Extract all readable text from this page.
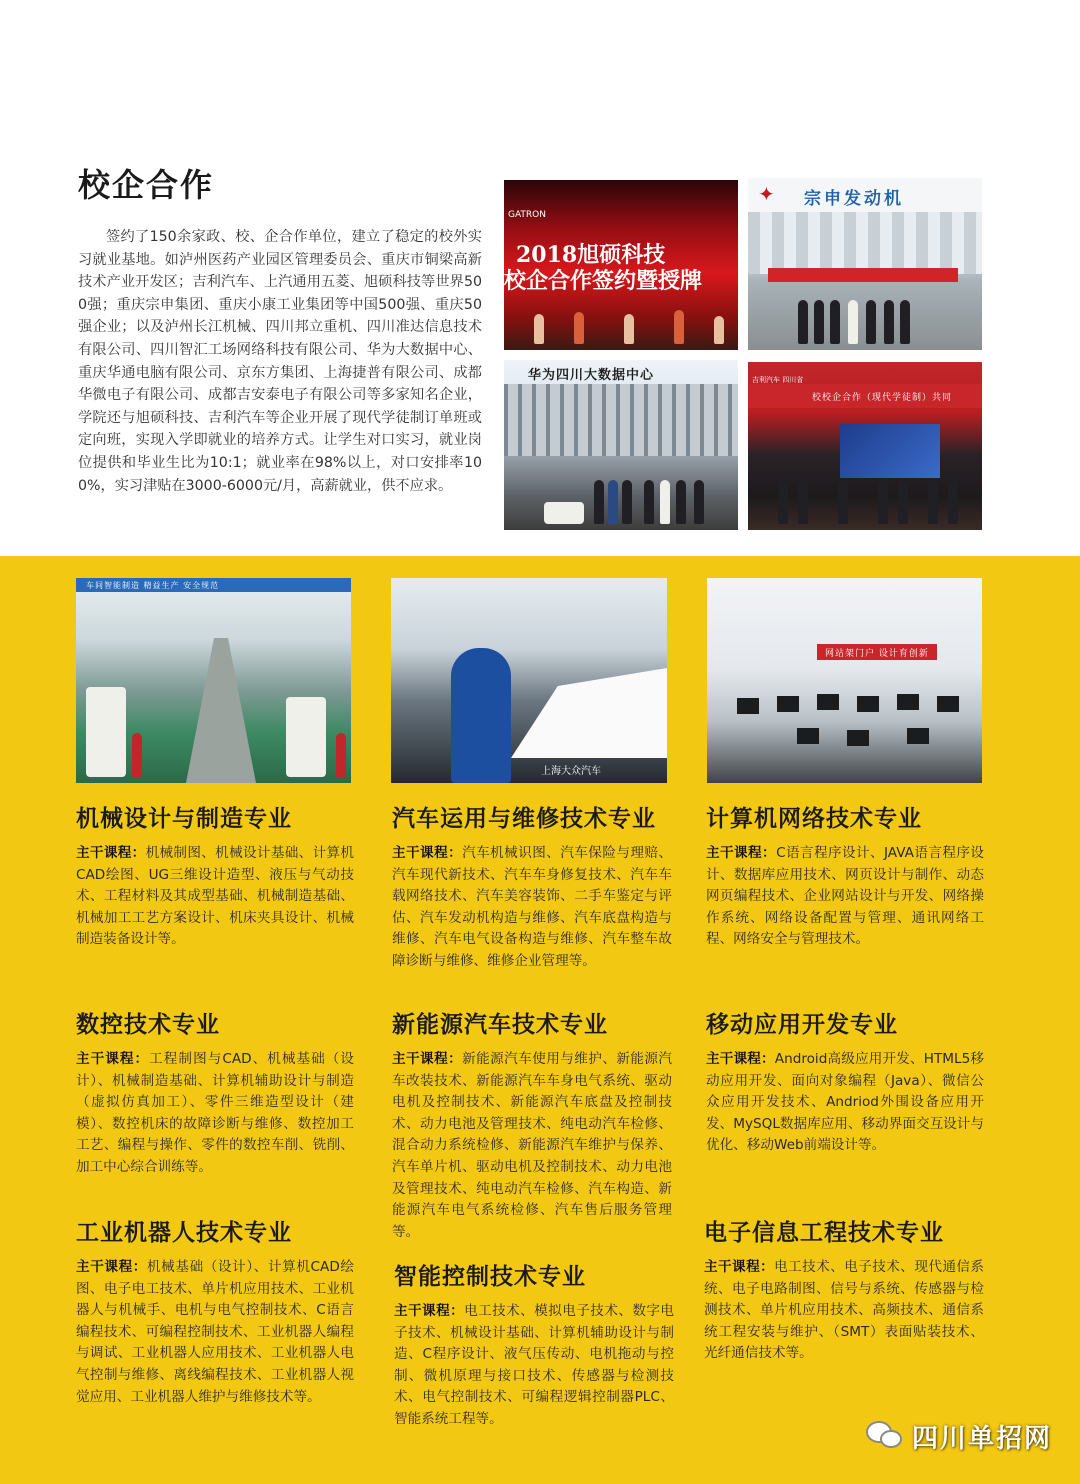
校企合作

签约了150余家政、校、企合作单位，建立了稳定的校外实习就业基地。如泸州医药产业园区管理委员会、重庆市铜梁高新技术产业开发区；吉利汽车、上汽通用五菱、旭硕科技等世界500强；重庆宗申集团、重庆小康工业集团等中国500强、重庆50强企业；以及泸州长江机械、四川邦立重机、四川准达信息技术有限公司、四川智汇工场网络科技有限公司、华为大数据中心、重庆华通电脑有限公司、京东方集团、上海捷普有限公司、成都华微电子有限公司、成都吉安泰电子有限公司等多家知名企业，学院还与旭硕科技、吉利汽车等企业开展了现代学徒制订单班或定向班，实现入学即就业的培养方式。让学生对口实习，就业岗位提供和毕业生比为10:1；就业率在98%以上，对口安排率100%，实习津贴在3000-6000元/月，高薪就业，供不应求。

GATRON
2018旭硕科技
校企合作签约暨授牌
✦ 宗申发动机
华为四川大数据中心	吉利汽车 四川省
校校企合作（现代学徒制）共同
车间智能制造 精益生产 安全规范
上海大众汽车
网站架门户 设计育创新
机械设计与制造专业

主干课程：机械制图、机械设计基础、计算机CAD绘图、UG三维设计造型、液压与气动技术、工程材料及其成型基础、机械制造基础、机械加工工艺方案设计、机床夹具设计、机械制造装备设计等。

汽车运用与维修技术专业

主干课程：汽车机械识图、汽车保险与理赔、汽车现代新技术、汽车车身修复技术、汽车车载网络技术、汽车美容装饰、二手车鉴定与评估、汽车发动机构造与维修、汽车底盘构造与维修、汽车电气设备构造与维修、汽车整车故障诊断与维修、维修企业管理等。

计算机网络技术专业

主干课程：C语言程序设计、JAVA语言程序设计、数据库应用技术、网页设计与制作、动态网页编程技术、企业网站设计与开发、网络操作系统、网络设备配置与管理、通讯网络工程、网络安全与管理技术。

数控技术专业

主干课程：工程制图与CAD、机械基础（设计）、机械制造基础、计算机辅助设计与制造（虚拟仿真加工）、零件三维造型设计（建模）、数控机床的故障诊断与维修、数控加工工艺、编程与操作、零件的数控车削、铣削、加工中心综合训练等。

新能源汽车技术专业

主干课程：新能源汽车使用与维护、新能源汽车改装技术、新能源汽车车身电气系统、驱动电机及控制技术、新能源汽车底盘及控制技术、动力电池及管理技术、纯电动汽车检修、混合动力系统检修、新能源汽车维护与保养、汽车单片机、驱动电机及控制技术、动力电池及管理技术、纯电动汽车检修、汽车构造、新能源汽车电气系统检修、汽车售后服务管理等。

移动应用开发专业

主干课程：Android高级应用开发、HTML5移动应用开发、面向对象编程（Java）、微信公众应用开发技术、Andriod外围设备应用开发、MySQL数据库应用、移动界面交互设计与优化、移动Web前端设计等。

工业机器人技术专业

主干课程：机械基础（设计）、计算机CAD绘图、电子电工技术、单片机应用技术、工业机器人与机械手、电机与电气控制技术、C语言编程技术、可编程控制技术、工业机器人编程与调试、工业机器人应用技术、工业机器人电气控制与维修、离线编程技术、工业机器人视觉应用、工业机器人维护与维修技术等。

智能控制技术专业

主干课程：电工技术、模拟电子技术、数字电子技术、机械设计基础、计算机辅助设计与制造、C程序设计、液气压传动、电机拖动与控制、微机原理与接口技术、传感器与检测技术、电气控制技术、可编程逻辑控制器PLC、智能系统工程等。

电子信息工程技术专业

主干课程：电工技术、电子技术、现代通信系统、电子电路制图、信号与系统、传感器与检测技术、单片机应用技术、高频技术、通信系统工程安装与维护、（SMT）表面贴装技术、光纤通信技术等。

四川单招网
